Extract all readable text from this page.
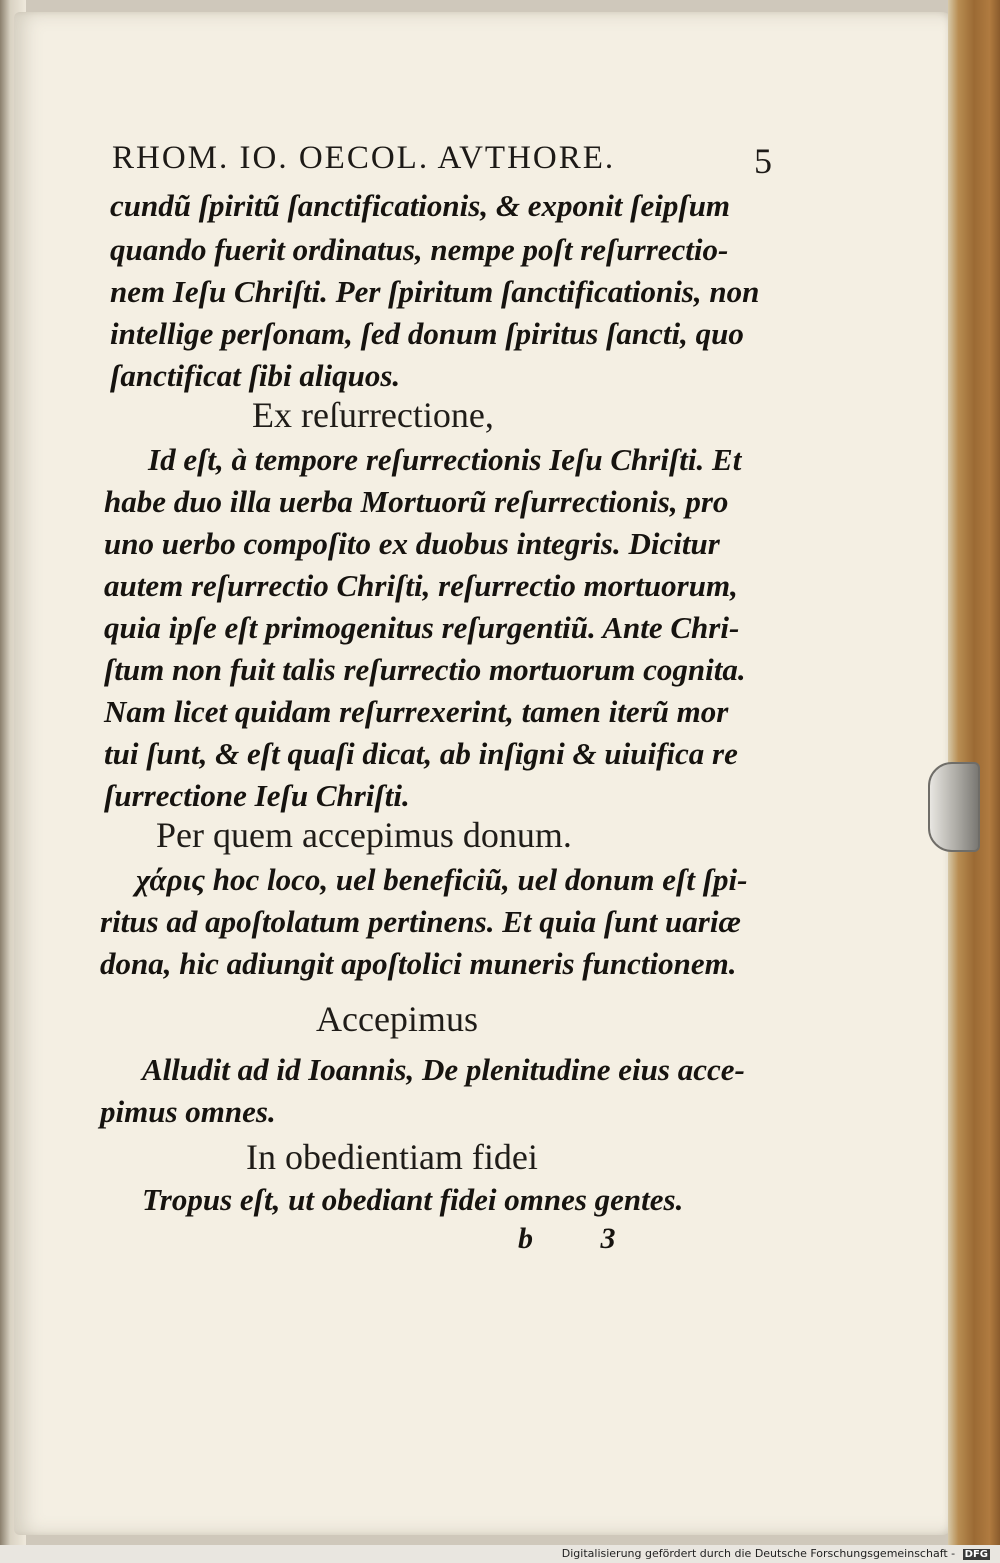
RHOM. IO. OECOL. AVTHORE.	5
cundũ ſpiritũ ſanctificationis, & exponit ſeipſum
quando fuerit ordinatus, nempe poſt reſurrectio-
nem Ieſu Chriſti. Per ſpiritum ſanctificationis, non
intellige perſonam, ſed donum ſpiritus ſancti, quo
ſanctificat ſibi aliquos.
Ex reſurrectione,
Id eſt, à tempore reſurrectionis Ieſu Chriſti. Et
habe duo illa uerba Mortuorũ reſurrectionis, pro
uno uerbo compoſito ex duobus integris. Dicitur
autem reſurrectio Chriſti, reſurrectio mortuorum,
quia ipſe eſt primogenitus reſurgentiũ. Ante Chri-
ſtum non fuit talis reſurrectio mortuorum cognita.
Nam licet quidam reſurrexerint, tamen iterũ mor
tui ſunt, & eſt quaſi dicat, ab inſigni & uiuifica re
ſurrectione Ieſu Chriſti.
Per quem accepimus donum.
χάρις hoc loco, uel beneficiũ, uel donum eſt ſpi-
ritus ad apoſtolatum pertinens. Et quia ſunt uariæ
dona, hic adiungit apoſtolici muneris functionem.
Accepimus
Alludit ad id Ioannis, De plenitudine eius acce-
pimus omnes.
In obedientiam fidei
Tropus eſt, ut obediant fidei omnes gentes.
b 3
Digitalisierung gefördert durch die Deutsche Forschungsgemeinschaft - DFG
